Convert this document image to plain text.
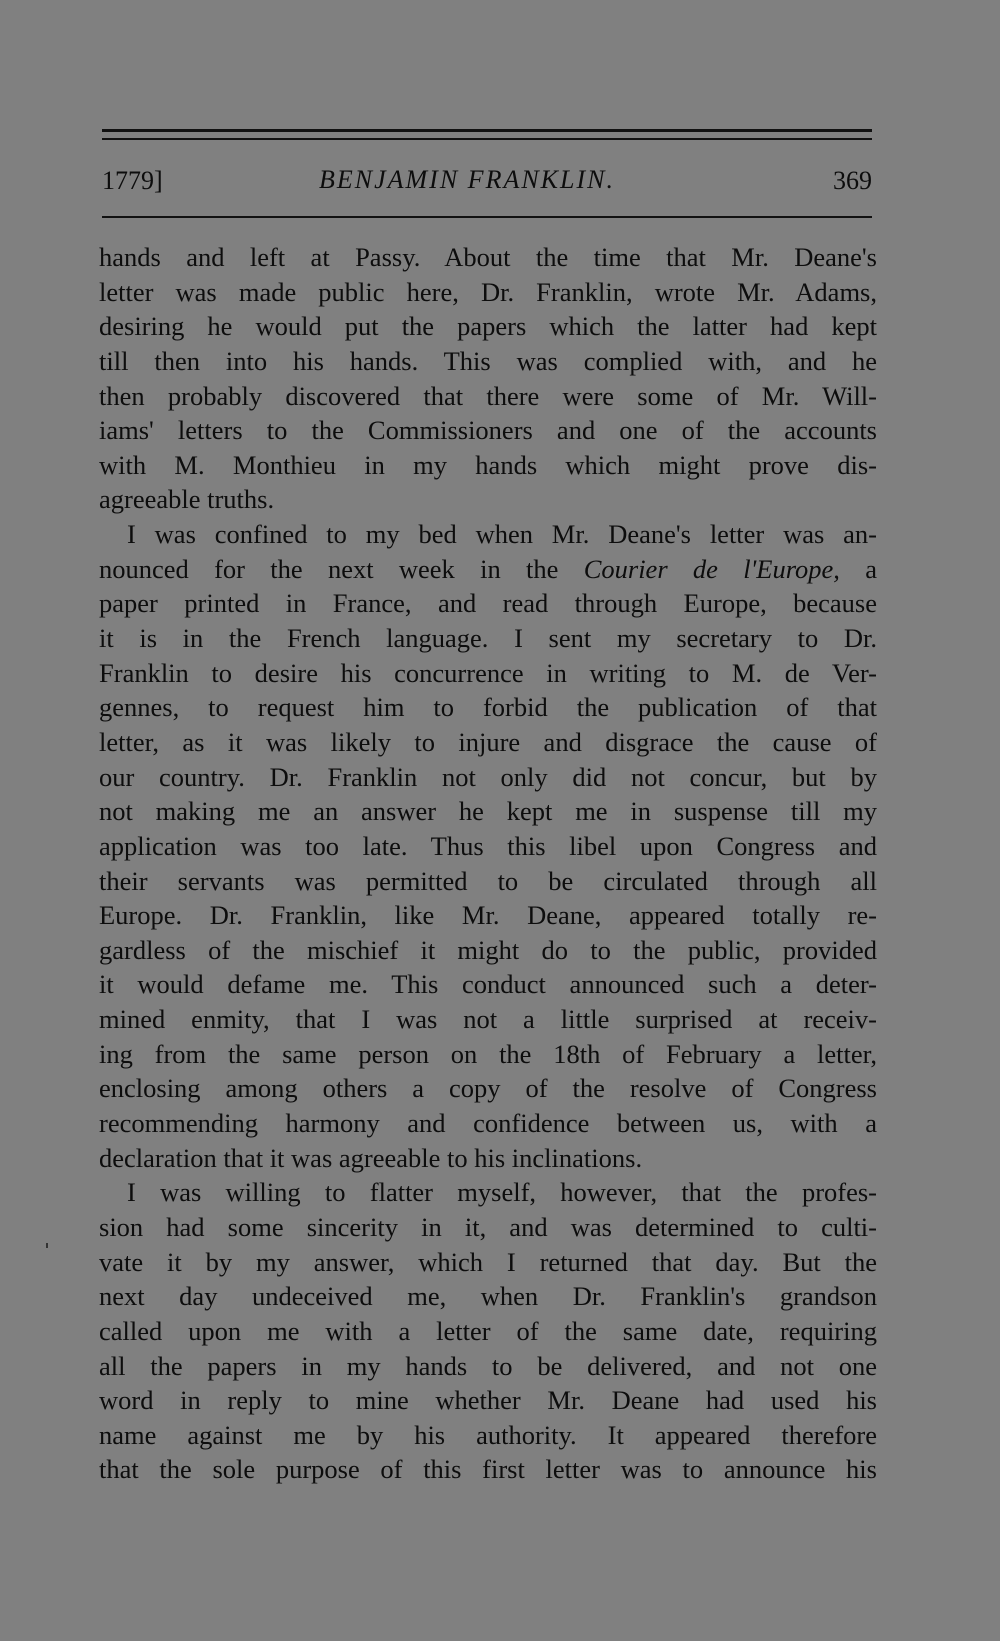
1779]	BENJAMIN FRANKLIN.	369
hands and left at Passy. About the time that Mr. Deane's
letter was made public here, Dr. Franklin, wrote Mr. Adams,
desiring he would put the papers which the latter had kept
till then into his hands. This was complied with, and he
then probably discovered that there were some of Mr. Will-
iams' letters to the Commissioners and one of the accounts
with M. Monthieu in my hands which might prove dis-
agreeable truths.
I was confined to my bed when Mr. Deane's letter was an-
nounced for the next week in the Courier de l'Europe, a
paper printed in France, and read through Europe, because
it is in the French language. I sent my secretary to Dr.
Franklin to desire his concurrence in writing to M. de Ver-
gennes, to request him to forbid the publication of that
letter, as it was likely to injure and disgrace the cause of
our country. Dr. Franklin not only did not concur, but by
not making me an answer he kept me in suspense till my
application was too late. Thus this libel upon Congress and
their servants was permitted to be circulated through all
Europe. Dr. Franklin, like Mr. Deane, appeared totally re-
gardless of the mischief it might do to the public, provided
it would defame me. This conduct announced such a deter-
mined enmity, that I was not a little surprised at receiv-
ing from the same person on the 18th of February a letter,
enclosing among others a copy of the resolve of Congress
recommending harmony and confidence between us, with a
declaration that it was agreeable to his inclinations.
I was willing to flatter myself, however, that the profes-
sion had some sincerity in it, and was determined to culti-
vate it by my answer, which I returned that day. But the
next day undeceived me, when Dr. Franklin's grandson
called upon me with a letter of the same date, requiring
all the papers in my hands to be delivered, and not one
word in reply to mine whether Mr. Deane had used his
name against me by his authority. It appeared therefore
that the sole purpose of this first letter was to announce his
